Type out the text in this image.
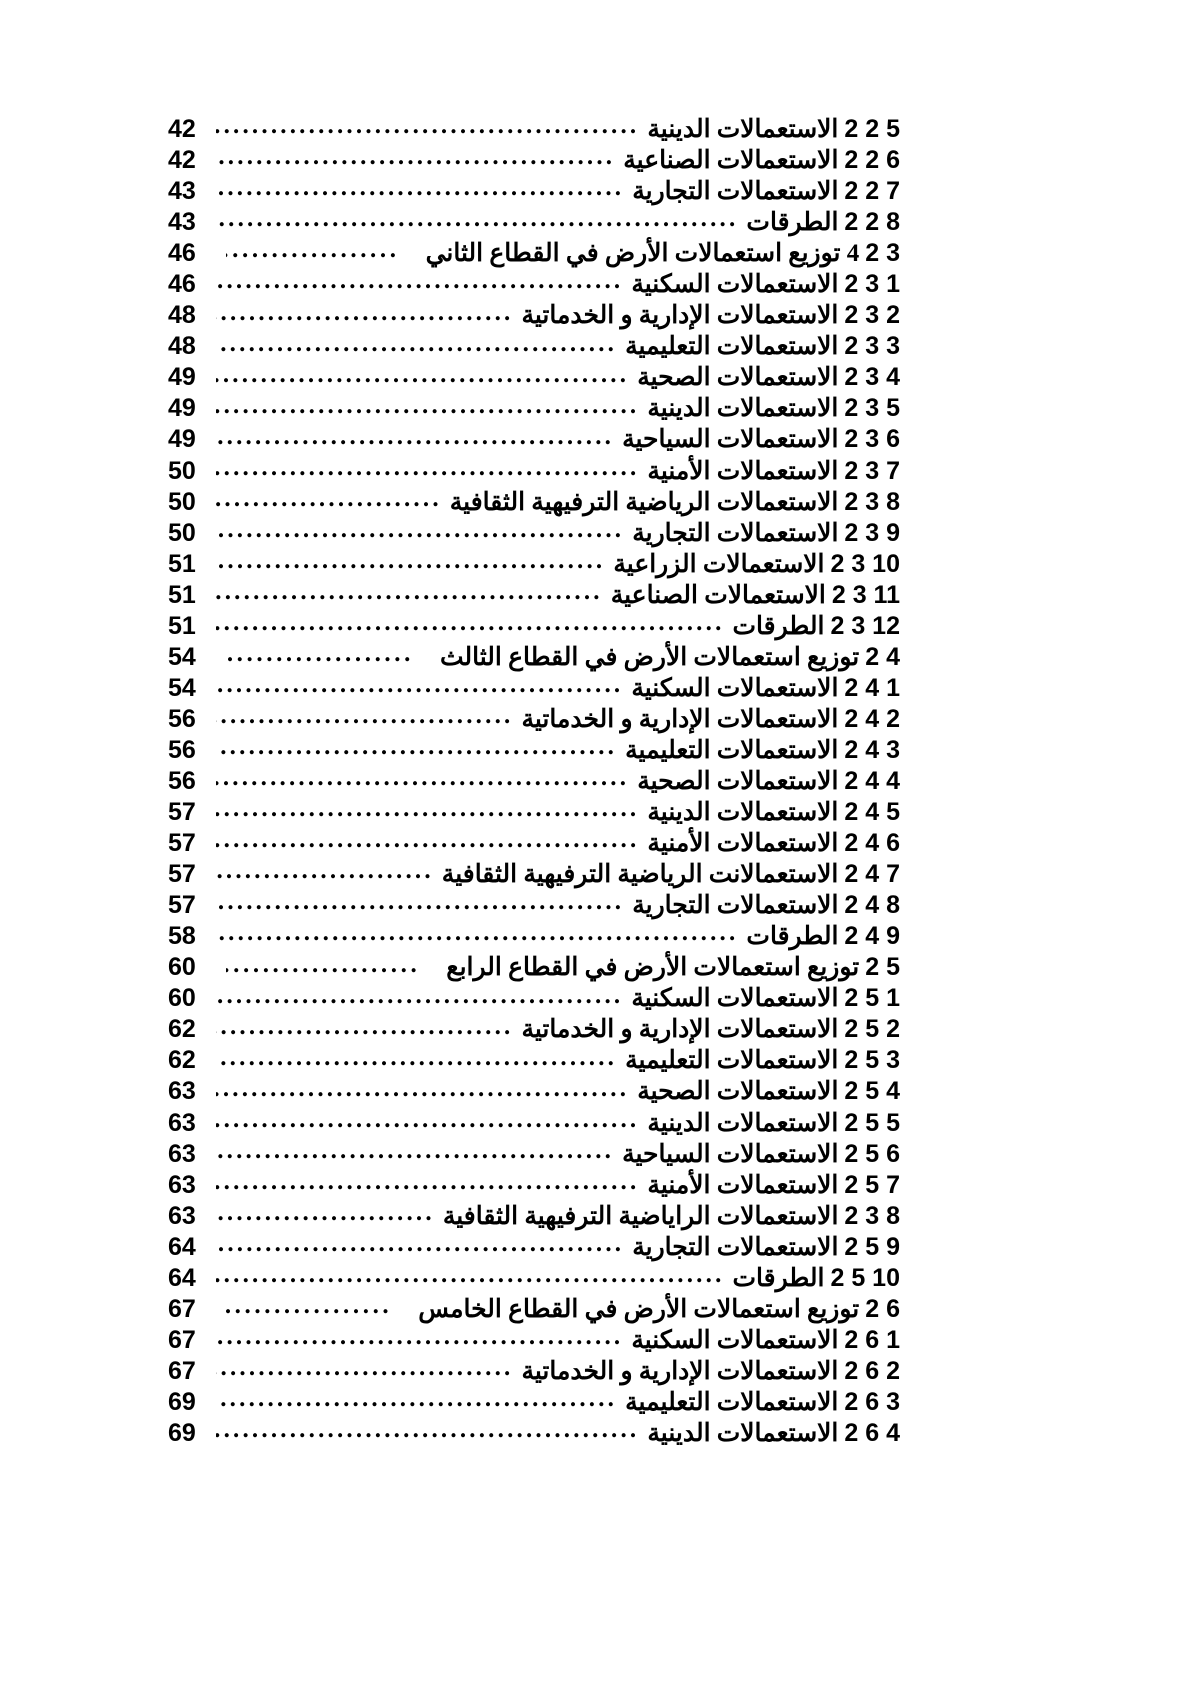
2 2 5الاستعمالات الدينية
.....
42
2 2 6الاستعمالات الصناعية
.....
42
2 2 7الاستعمالات التجارية
.....
43
2 2 8الطرقات
.....
43
2 34 توزيع استعمالات الأرض في القطاع الثاني
.....
46
2 3 1الاستعمالات السكنية
.....
46
2 3 2الاستعمالات الإدارية و الخدماتية
.....
48
2 3 3الاستعمالات التعليمية
.....
48
2 3 4الاستعمالات الصحية
.....
49
2 3 5الاستعمالات الدينية
.....
49
2 3 6الاستعمالات السياحية
.....
49
2 3 7الاستعمالات الأمنية
.....
50
2 3 8الاستعمالات الرياضية الترفيهية الثقافية
.....
50
2 3 9الاستعمالات التجارية
.....
50
2 3 10الاستعمالات الزراعية
.....
51
2 3 11الاستعمالات الصناعية
.....
51
2 3 12الطرقات
.....
51
2 4توزيع استعمالات الأرض في القطاع الثالث
.....
54
2 4 1الاستعمالات السكنية
.....
54
2 4 2الاستعمالات الإدارية و الخدماتية
.....
56
2 4 3الاستعمالات التعليمية
.....
56
2 4 4الاستعمالات الصحية
.....
56
2 4 5الاستعمالات الدينية
.....
57
2 4 6الاستعمالات الأمنية
.....
57
2 4 7الاستعمالانت الرياضية الترفيهية الثقافية
.....
57
2 4 8الاستعمالات التجارية
.....
57
2 4 9الطرقات
.....
58
2 5توزيع استعمالات الأرض في القطاع الرابع
.....
60
2 5 1الاستعمالات السكنية
.....
60
2 5 2الاستعمالات الإدارية و الخدماتية
.....
62
2 5 3الاستعمالات التعليمية
.....
62
2 5 4الاستعمالات الصحية
.....
63
2 5 5الاستعمالات الدينية
.....
63
2 5 6الاستعمالات السياحية
.....
63
2 5 7الاستعمالات الأمنية
.....
63
2 3 8الاستعمالات الراياضية الترفيهية الثقافية
.....
63
2 5 9الاستعمالات التجارية
.....
64
2 5 10الطرقات
.....
64
2 6توزيع استعمالات الأرض في القطاع الخامس
.....
67
2 6 1الاستعمالات السكنية
.....
67
2 6 2الاستعمالات الإدارية و الخدماتية
.....
67
2 6 3الاستعمالات التعليمية
.....
69
2 6 4الاستعمالات الدينية
.....
69
